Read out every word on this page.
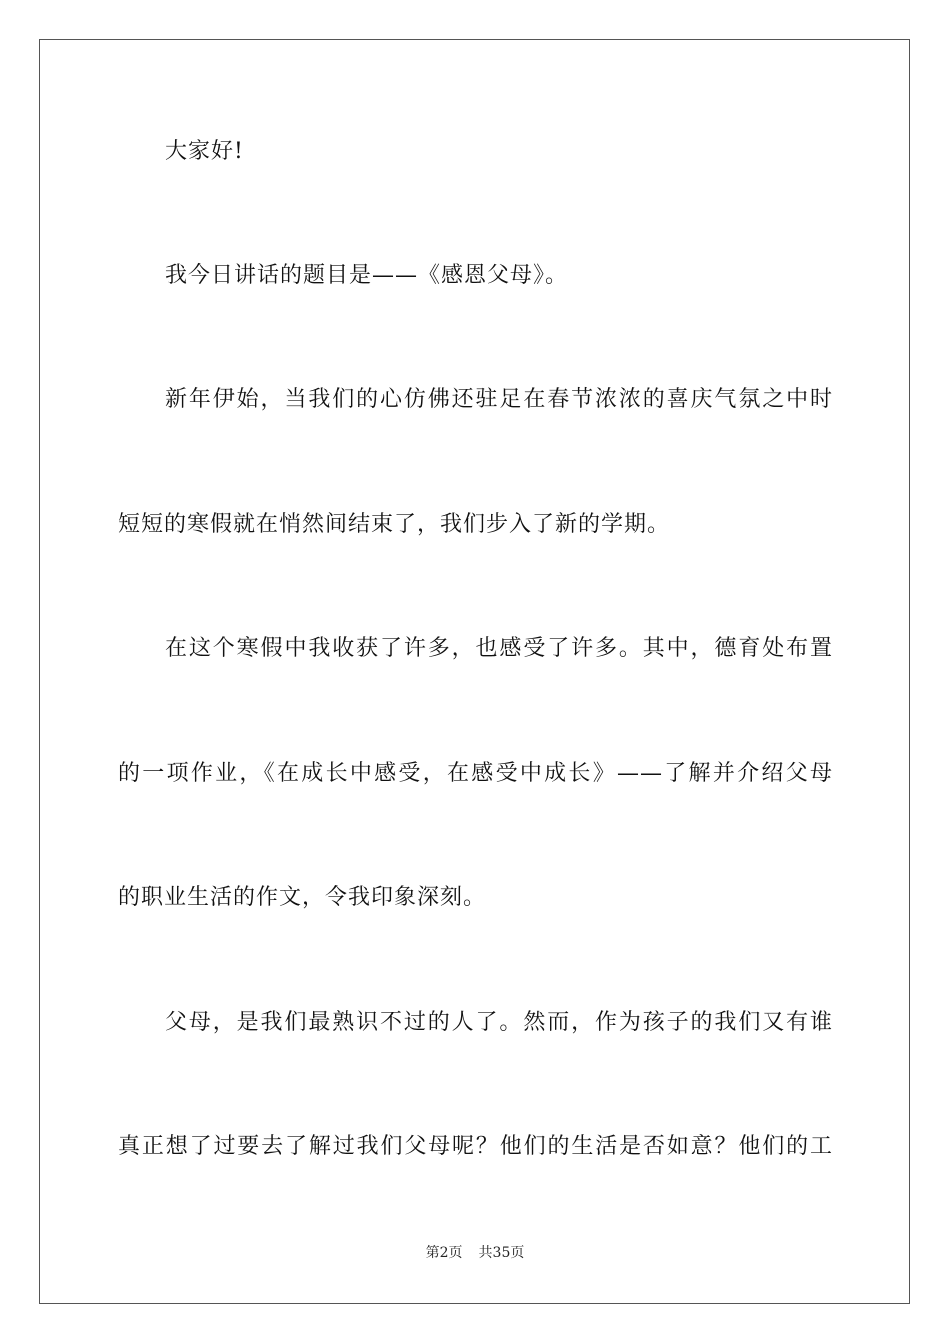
大家好!
我今日讲话的题目是——《感恩父母》。
新年伊始，当我们的心仿佛还驻足在春节浓浓的喜庆气氛之中时
短短的寒假就在悄然间结束了，我们步入了新的学期。
在这个寒假中我收获了许多，也感受了许多。其中，德育处布置
的一项作业，《在成长中感受，在感受中成长》——了解并介绍父母
的职业生活的作文，令我印象深刻。
父母，是我们最熟识不过的人了。然而，作为孩子的我们又有谁
真正想了过要去了解过我们父母呢？他们的生活是否如意？他们的工
第2页 共35页
